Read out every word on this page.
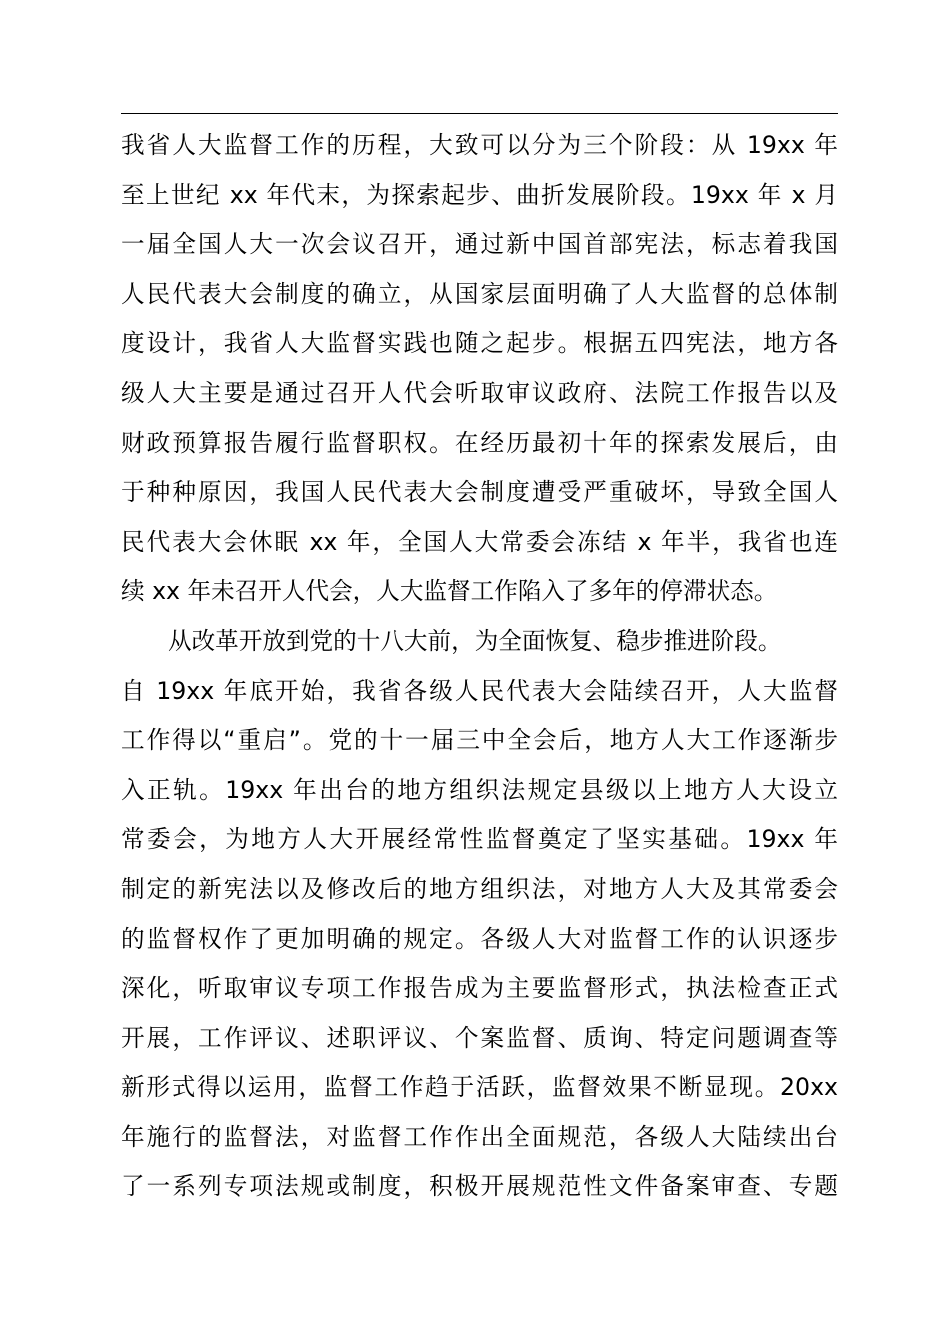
我省人大监督工作的历程，大致可以分为三个阶段：从 19xx 年
至上世纪 xx 年代末，为探索起步、曲折发展阶段。19xx 年 x 月
一届全国人大一次会议召开，通过新中国首部宪法，标志着我国
人民代表大会制度的确立，从国家层面明确了人大监督的总体制
度设计，我省人大监督实践也随之起步。根据五四宪法，地方各
级人大主要是通过召开人代会听取审议政府、法院工作报告以及
财政预算报告履行监督职权。在经历最初十年的探索发展后，由
于种种原因，我国人民代表大会制度遭受严重破坏，导致全国人
民代表大会休眠 xx 年，全国人大常委会冻结 x 年半，我省也连
续 xx 年未召开人代会，人大监督工作陷入了多年的停滞状态。
从改革开放到党的十八大前，为全面恢复、稳步推进阶段。
自 19xx 年底开始，我省各级人民代表大会陆续召开，人大监督
工作得以“重启”。党的十一届三中全会后，地方人大工作逐渐步
入正轨。19xx 年出台的地方组织法规定县级以上地方人大设立
常委会，为地方人大开展经常性监督奠定了坚实基础。19xx 年
制定的新宪法以及修改后的地方组织法，对地方人大及其常委会
的监督权作了更加明确的规定。各级人大对监督工作的认识逐步
深化，听取审议专项工作报告成为主要监督形式，执法检查正式
开展，工作评议、述职评议、个案监督、质询、特定问题调查等
新形式得以运用，监督工作趋于活跃，监督效果不断显现。20xx
年施行的监督法，对监督工作作出全面规范，各级人大陆续出台
了一系列专项法规或制度，积极开展规范性文件备案审查、专题
